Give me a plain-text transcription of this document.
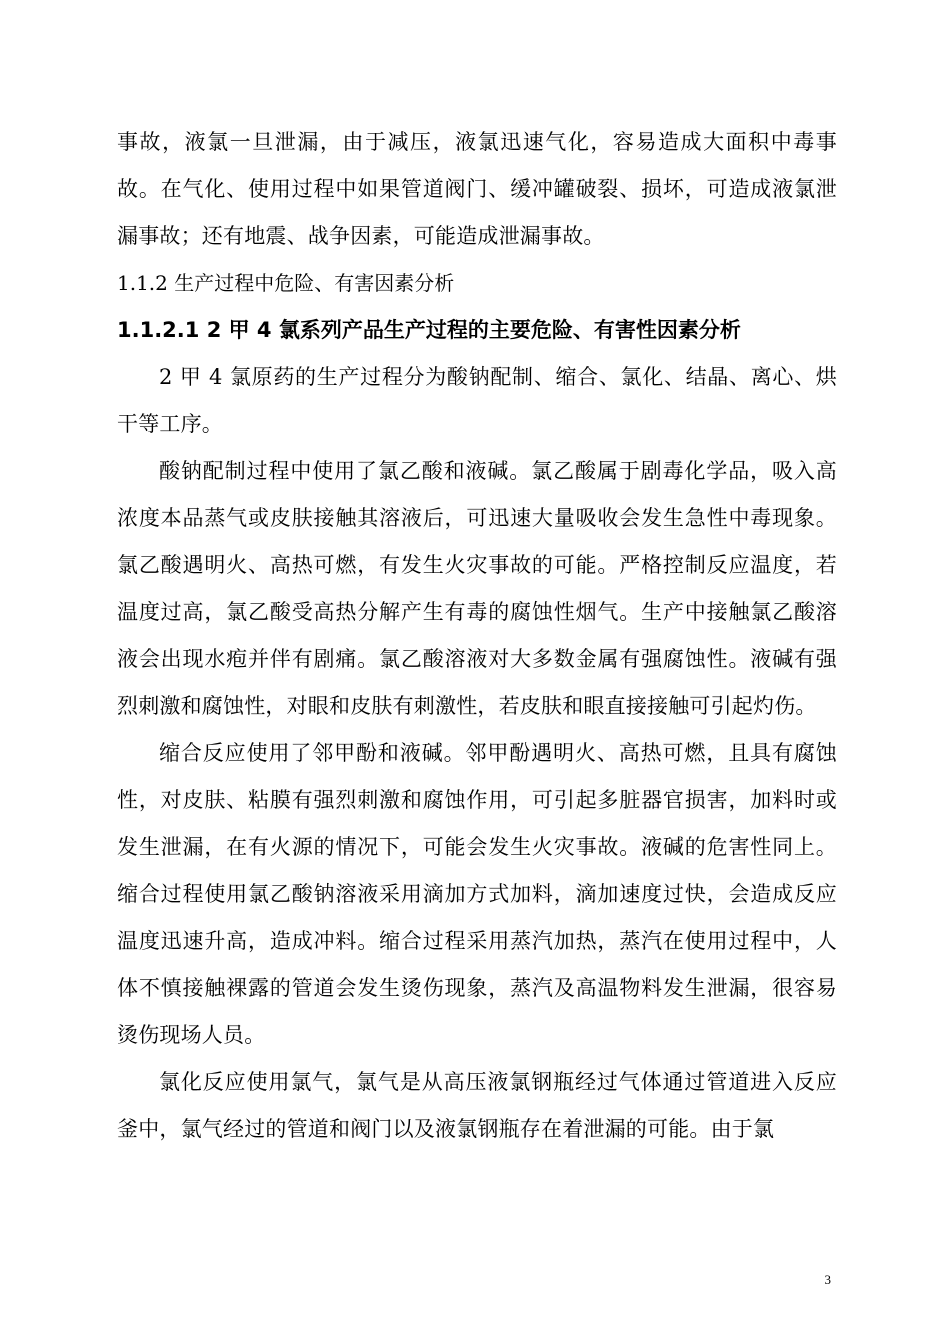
事故，液氯一旦泄漏，由于减压，液氯迅速气化，容易造成大面积中毒事故。在气化、使用过程中如果管道阀门、缓冲罐破裂、损坏，可造成液氯泄漏事故；还有地震、战争因素，可能造成泄漏事故。

1.1.2 生产过程中危险、有害因素分析

1.1.2.1 2 甲 4 氯系列产品生产过程的主要危险、有害性因素分析

2 甲 4 氯原药的生产过程分为酸钠配制、缩合、氯化、结晶、离心、烘干等工序。

酸钠配制过程中使用了氯乙酸和液碱。氯乙酸属于剧毒化学品，吸入高浓度本品蒸气或皮肤接触其溶液后，可迅速大量吸收会发生急性中毒现象。氯乙酸遇明火、高热可燃，有发生火灾事故的可能。严格控制反应温度，若温度过高，氯乙酸受高热分解产生有毒的腐蚀性烟气。生产中接触氯乙酸溶液会出现水疱并伴有剧痛。氯乙酸溶液对大多数金属有强腐蚀性。液碱有强烈刺激和腐蚀性，对眼和皮肤有刺激性，若皮肤和眼直接接触可引起灼伤。

缩合反应使用了邻甲酚和液碱。邻甲酚遇明火、高热可燃，且具有腐蚀性，对皮肤、粘膜有强烈刺激和腐蚀作用，可引起多脏器官损害，加料时或发生泄漏，在有火源的情况下，可能会发生火灾事故。液碱的危害性同上。缩合过程使用氯乙酸钠溶液采用滴加方式加料，滴加速度过快，会造成反应温度迅速升高，造成冲料。缩合过程采用蒸汽加热，蒸汽在使用过程中，人体不慎接触裸露的管道会发生烫伤现象，蒸汽及高温物料发生泄漏，很容易烫伤现场人员。

氯化反应使用氯气，氯气是从高压液氯钢瓶经过气体通过管道进入反应釜中，氯气经过的管道和阀门以及液氯钢瓶存在着泄漏的可能。由于氯

3
